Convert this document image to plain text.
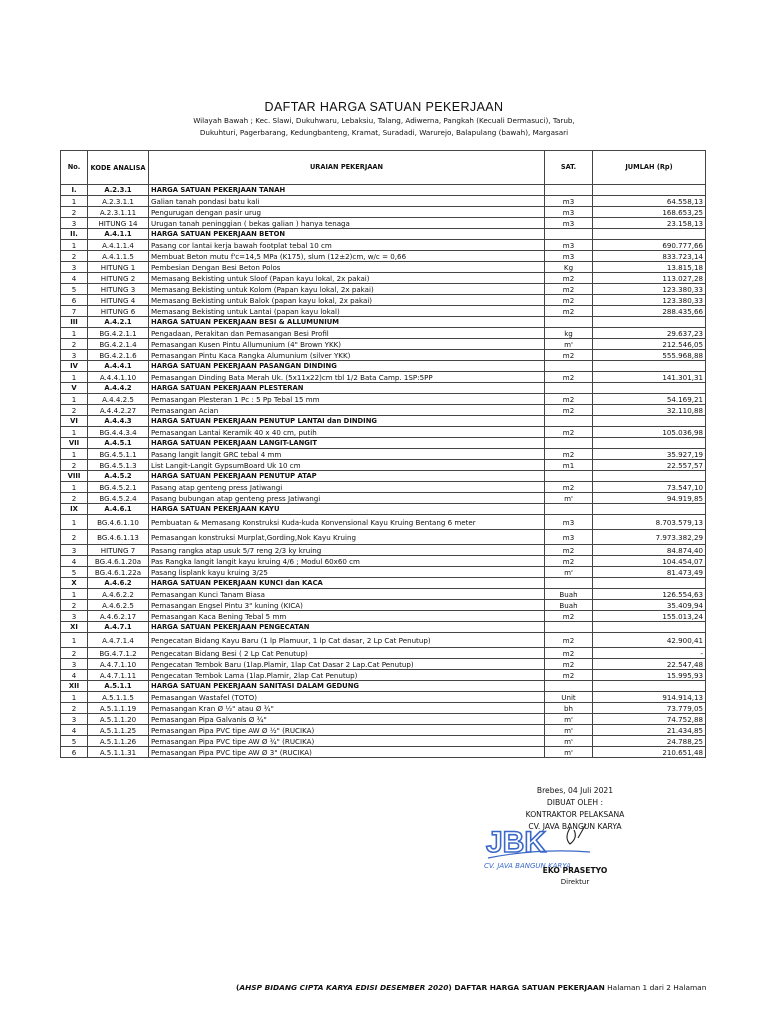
DAFTAR HARGA SATUAN PEKERJAAN
Wilayah Bawah ; Kec. Slawi, Dukuhwaru, Lebaksiu, Talang, Adiwerna, Pangkah (Kecuali Dermasuci), Tarub,
Dukuhturi, Pagerbarang, Kedungbanteng, Kramat, Suradadi, Warurejo, Balapulang (bawah), Margasari
No.	KODE ANALISA	URAIAN PEKERJAAN	SAT.	JUMLAH (Rp)
I.	A.2.3.1	HARGA SATUAN PEKERJAAN TANAH		
1	A.2.3.1.1	Galian tanah pondasi batu kali	m3	64.558,13
2	A.2.3.1.11	Pengurugan dengan pasir urug	m3	168.653,25
3	HITUNG 14	Urugan tanah peninggian ( bekas galian ) hanya tenaga	m3	23.158,13
II.	A.4.1.1	HARGA SATUAN PEKERJAAN BETON		
1	A.4.1.1.4	Pasang cor lantai kerja bawah footplat tebal 10 cm	m3	690.777,66
2	A.4.1.1.5	Membuat Beton mutu f'c=14,5 MPa (K175), slum (12±2)cm, w/c = 0,66	m3	833.723,14
3	HITUNG 1	Pembesian Dengan Besi Beton Polos	Kg	13.815,18
4	HITUNG 2	Memasang Bekisting untuk Sloof (Papan kayu lokal, 2x pakai)	m2	113.027,28
5	HITUNG 3	Memasang Bekisting untuk Kolom (Papan kayu lokal, 2x pakai)	m2	123.380,33
6	HITUNG 4	Memasang Bekisting untuk Balok (papan kayu lokal, 2x pakai)	m2	123.380,33
7	HITUNG 6	Memasang Bekisting untuk Lantai (papan kayu lokal)	m2	288.435,66
III	A.4.2.1	HARGA SATUAN PEKERJAAN BESI & ALLUMUNIUM		
1	BG.4.2.1.1	Pengadaan, Perakitan dan Pemasangan Besi Profil	kg	29.637,23
2	BG.4.2.1.4	Pemasangan Kusen Pintu Allumunium (4" Brown YKK)	m'	212.546,05
3	BG.4.2.1.6	Pemasangan Pintu Kaca Rangka Alumunium (silver YKK)	m2	555.968,88
IV	A.4.4.1	HARGA SATUAN PEKERJAAN PASANGAN DINDING		
1	A.4.4.1.10	Pemasangan Dinding Bata Merah Uk. (5x11x22)cm tbl 1/2 Bata Camp. 1SP:5PP	m2	141.301,31
V	A.4.4.2	HARGA SATUAN PEKERJAAN PLESTERAN		
1	A.4.4.2.5	Pemasangan Plesteran 1 Pc : 5 Pp Tebal 15 mm	m2	54.169,21
2	A.4.4.2.27	Pemasangan Acian	m2	32.110,88
VI	A.4.4.3	HARGA SATUAN PEKERJAAN PENUTUP LANTAI dan DINDING		
1	BG.4.4.3.4	Pemasangan Lantai Keramik 40 x 40 cm, putih	m2	105.036,98
VII	A.4.5.1	HARGA SATUAN PEKERJAAN LANGIT-LANGIT		
1	BG.4.5.1.1	Pasang langit langit GRC tebal 4 mm	m2	35.927,19
2	BG.4.5.1.3	List Langit-Langit GypsumBoard Uk 10 cm	m1	22.557,57
VIII	A.4.5.2	HARGA SATUAN PEKERJAAN PENUTUP ATAP		
1	BG.4.5.2.1	Pasang atap genteng press Jatiwangi	m2	73.547,10
2	BG.4.5.2.4	Pasang bubungan atap genteng press Jatiwangi	m'	94.919,85
IX	A.4.6.1	HARGA SATUAN PEKERJAAN KAYU		
1	BG.4.6.1.10	Pembuatan & Memasang Konstruksi Kuda-kuda Konvensional Kayu Kruing Bentang 6 meter	m3	8.703.579,13
2	BG.4.6.1.13	Pemasangan konstruksi Murplat,Gording,Nok Kayu Kruing	m3	7.973.382,29
3	HITUNG 7	Pasang rangka atap usuk 5/7 reng 2/3 ky kruing	m2	84.874,40
4	BG.4.6.1.20a	Pas Rangka langit langit kayu kruing 4/6 ; Modul 60x60 cm	m2	104.454,07
5	BG.4.6.1.22a	Pasang lisplank kayu kruing 3/25	m'	81.473,49
X	A.4.6.2	HARGA SATUAN PEKERJAAN KUNCI dan KACA		
1	A.4.6.2.2	Pemasangan Kunci Tanam Biasa	Buah	126.554,63
2	A.4.6.2.5	Pemasangan Engsel Pintu 3" kuning (KICA)	Buah	35.409,94
3	A.4.6.2.17	Pemasangan Kaca Bening Tebal 5 mm	m2	155.013,24
XI	A.4.7.1	HARGA SATUAN PEKERJAAN PENGECATAN		
1	A.4.7.1.4	Pengecatan Bidang Kayu Baru (1 lp Plamuur, 1 lp Cat dasar, 2 Lp Cat Penutup)	m2	42.900,41
2	BG.4.7.1.2	Pengecatan Bidang Besi ( 2 Lp Cat Penutup)	m2	-
3	A.4.7.1.10	Pengecatan Tembok Baru (1lap.Plamir, 1lap Cat Dasar 2 Lap.Cat Penutup)	m2	22.547,48
4	A.4.7.1.11	Pengecatan Tembok Lama (1lap.Plamir, 2lap Cat Penutup)	m2	15.995,93
XII	A.5.1.1	HARGA SATUAN PEKERJAAN SANITASI DALAM GEDUNG		
1	A.5.1.1.5	Pemasangan Wastafel (TOTO)	Unit	914.914,13
2	A.5.1.1.19	Pemasangan Kran Ø ½" atau Ø ¾"	bh	73.779,05
3	A.5.1.1.20	Pemasangan Pipa Galvanis Ø ¾"	m'	74.752,88
4	A.5.1.1.25	Pemasangan Pipa PVC tipe AW Ø ½" (RUCIKA)	m'	21.434,85
5	A.5.1.1.26	Pemasangan Pipa PVC tipe AW Ø ¾" (RUCIKA)	m'	24.788,25
6	A.5.1.1.31	Pemasangan Pipa PVC tipe AW Ø 3" (RUCIKA)	m'	210.651,48
Brebes, 04 Juli 2021
DIBUAT OLEH :
KONTRAKTOR PELAKSANA
CV. JAVA BANGUN KARYA
JBK
CV. JAVA BANGUN KARYA
EKO PRASETYO
Direktur
(AHSP BIDANG CIPTA KARYA EDISI DESEMBER 2020) DAFTAR HARGA SATUAN PEKERJAAN Halaman 1 dari 2 Halaman
